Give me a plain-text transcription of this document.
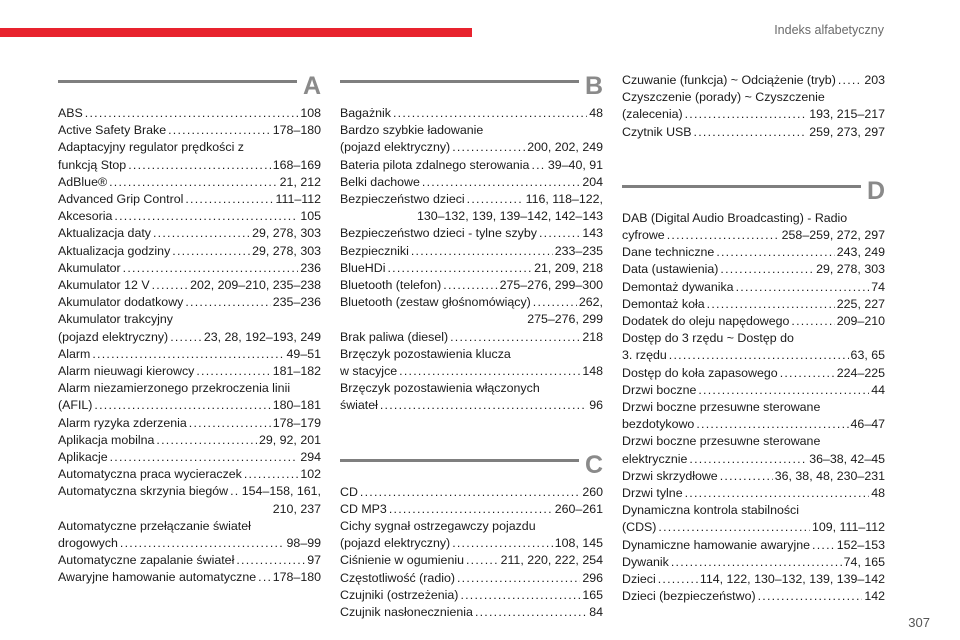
Indeks alfabetyczny
A
ABS . . .	108
Active Safety Brake . . .	178–180
Adaptacyjny regulator prędkości z
funkcją Stop . . .	168–169
AdBlue® . . .	21, 212
Advanced Grip Control . . .	111–112
Akcesoria . . .	105
Aktualizacja daty . . .	29, 278, 303
Aktualizacja godziny . . .	29, 278, 303
Akumulator . . .	236
Akumulator 12 V . . .	202, 209–210, 235–238
Akumulator dodatkowy . . .	235–236
Akumulator trakcyjny
(pojazd elektryczny) . . .	23, 28, 192–193, 249
Alarm . . .	49–51
Alarm nieuwagi kierowcy . . .	181–182
Alarm niezamierzonego przekroczenia linii
(AFIL) . . .	180–181
Alarm ryzyka zderzenia . . .	178–179
Aplikacja mobilna . . .	29, 92, 201
Aplikacje . . .	294
Automatyczna praca wycieraczek . . .	102
Automatyczna skrzynia biegów . . . 154–158, 161,
210, 237
Automatyczne przełączanie świateł
drogowych . . .	98–99
Automatyczne zapalanie świateł . . .	97
Awaryjne hamowanie automatyczne . . . 178–180
B
Bagażnik . . .	48
Bardzo szybkie ładowanie
(pojazd elektryczny) . . .	200, 202, 249
Bateria pilota zdalnego sterowania . . . 39–40, 91
Belki dachowe . . .	204
Bezpieczeństwo dzieci . . .	116, 118–122,
130–132, 139, 139–142, 142–143
Bezpieczeństwo dzieci - tylne szyby . . .	143
Bezpieczniki . . .	233–235
BlueHDi . . .	21, 209, 218
Bluetooth (telefon) . . .	275–276, 299–300
Bluetooth (zestaw głośnomówiący) . . .	262,
275–276, 299
Brak paliwa (diesel) . . .	218
Brzęczyk pozostawienia klucza
w stacyjce . . .	148
Brzęczyk pozostawienia włączonych
świateł . . .	96
C
CD . . .	260
CD MP3 . . .	260–261
Cichy sygnał ostrzegawczy pojazdu
(pojazd elektryczny) . . .	108, 145
Ciśnienie w ogumieniu . . .	211, 220, 222, 254
Częstotliwość (radio) . . .	296
Czujniki (ostrzeżenia) . . .	165
Czujnik nasłonecznienia . . .	84
Czuwanie (funkcja) ~ Odciążenie (tryb) . . . 203
Czyszczenie (porady) ~ Czyszczenie
(zalecenia) . . .	193, 215–217
Czytnik USB . . .	259, 273, 297
D
DAB (Digital Audio Broadcasting) - Radio
cyfrowe . . .	258–259, 272, 297
Dane techniczne . . .	243, 249
Data (ustawienia) . . .	29, 278, 303
Demontaż dywanika . . .	74
Demontaż koła . . .	225, 227
Dodatek do oleju napędowego . . .	209–210
Dostęp do 3 rzędu ~ Dostęp do
3. rzędu . . .	63, 65
Dostęp do koła zapasowego . . .	224–225
Drzwi boczne . . .	44
Drzwi boczne przesuwne sterowane
bezdotykowo . . .	46–47
Drzwi boczne przesuwne sterowane
elektrycznie . . .	36–38, 42–45
Drzwi skrzydłowe . . .	36, 38, 48, 230–231
Drzwi tylne . . .	48
Dynamiczna kontrola stabilności
(CDS) . . .	109, 111–112
Dynamiczne hamowanie awaryjne . . . 152–153
Dywanik . . .	74, 165
Dzieci . . .	114, 122, 130–132, 139, 139–142
Dzieci (bezpieczeństwo) . . .	142
307
